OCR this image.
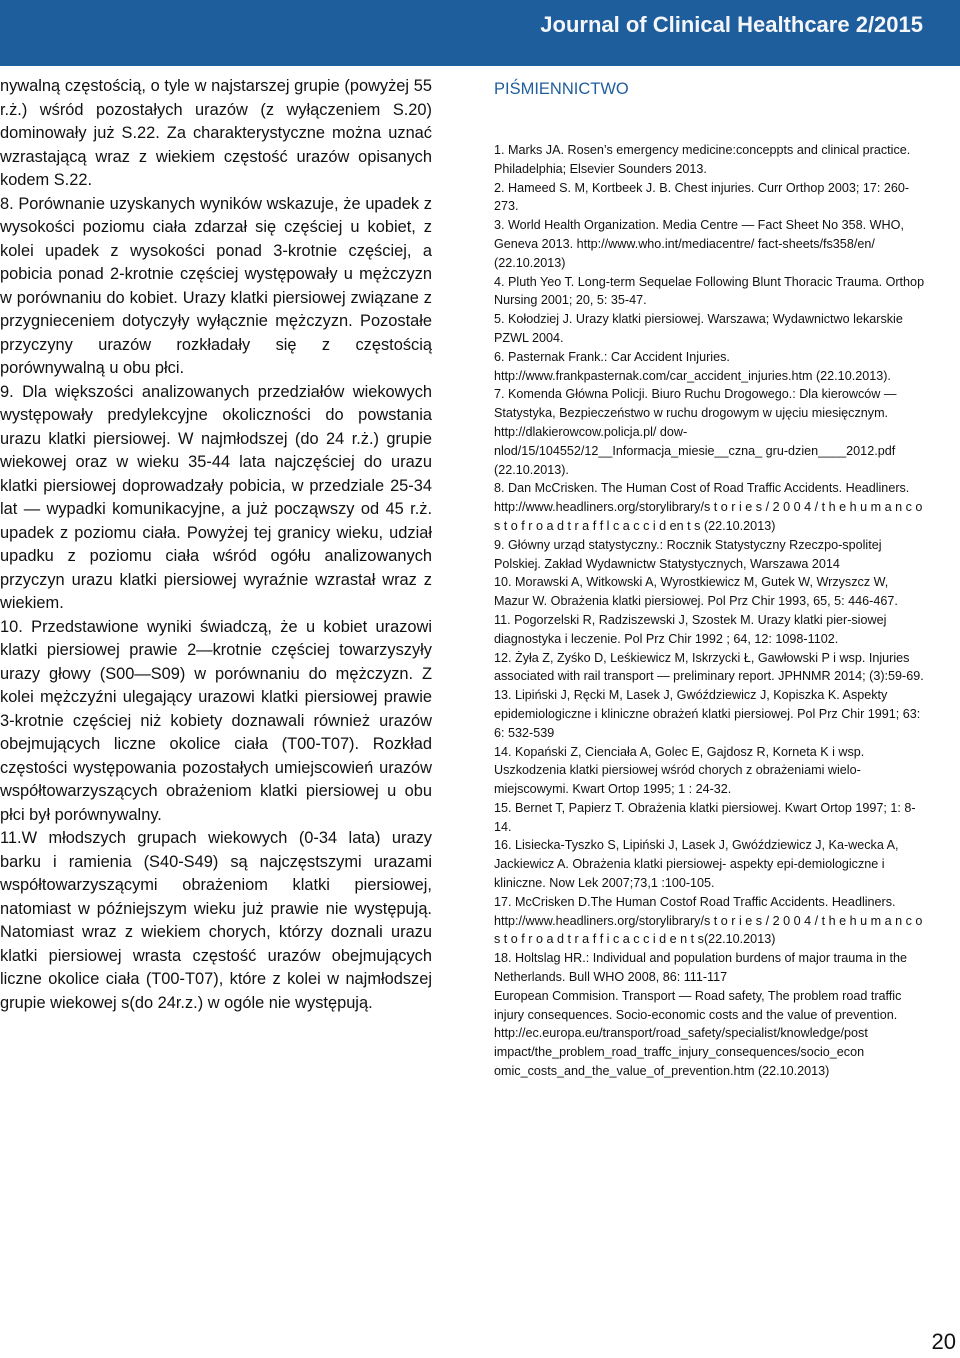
Journal of Clinical Healthcare 2/2015

nywalną częstością, o tyle w najstarszej grupie (powyżej 55 r.ż.) wśród pozostałych urazów (z wyłączeniem S.20) dominowały już S.22. Za charakterystyczne można uznać wzrastającą wraz z wiekiem częstość urazów opisanych kodem S.22.

8. Porównanie uzyskanych wyników wskazuje, że upadek z wysokości poziomu ciała zdarzał się częściej u kobiet, z kolei upadek z wysokości ponad 3-krotnie częściej, a pobicia ponad 2-krotnie częściej występowały u mężczyzn w porównaniu do kobiet. Urazy klatki piersiowej związane z przygnieceniem dotyczyły wyłącznie mężczyzn. Pozostałe przyczyny urazów rozkładały się z częstością porównywalną u obu płci.

9. Dla większości analizowanych przedziałów wiekowych występowały predylekcyjne okoliczności do powstania urazu klatki piersiowej. W najmłodszej (do 24 r.ż.) grupie wiekowej oraz w wieku 35-44 lata najczęściej do urazu klatki piersiowej doprowadzały pobicia, w przedziale 25-34 lat — wypadki komunikacyjne, a już począwszy od 45 r.ż. upadek z poziomu ciała. Powyżej tej granicy wieku, udział upadku z poziomu ciała wśród ogółu analizowanych przyczyn urazu klatki piersiowej wyraźnie wzrastał wraz z wiekiem.

10. Przedstawione wyniki świadczą, że u kobiet urazowi klatki piersiowej prawie 2—krotnie częściej towarzyszyły urazy głowy (S00—S09) w porównaniu do mężczyzn. Z kolei mężczyźni ulegający urazowi klatki piersiowej prawie 3-krotnie częściej niż kobiety doznawali również urazów obejmujących liczne okolice ciała (T00-T07). Rozkład częstości występowania pozostałych umiejscowień urazów współtowarzyszących obrażeniom klatki piersiowej u obu płci był porównywalny.

11.W młodszych grupach wiekowych (0-34 lata) urazy barku i ramienia (S40-S49) są najczęstszymi urazami współtowarzyszącymi obrażeniom klatki piersiowej, natomiast w późniejszym wieku już prawie nie występują. Natomiast wraz z wiekiem chorych, którzy doznali urazu klatki piersiowej wrasta częstość urazów obejmujących liczne okolice ciała (T00-T07), które z kolei w najmłodszej grupie wiekowej s(do 24r.z.) w ogóle nie występują.

PIŚMIENNICTWO
1. Marks JA. Rosen’s emergency medicine:conceppts and clinical practice. Philadelphia; Elsevier Sounders 2013.
2. Hameed S. M, Kortbeek J. B. Chest injuries. Curr Orthop 2003; 17: 260-273.
3. World Health Organization. Media Centre — Fact Sheet No 358. WHO, Geneva 2013. http://www.who.int/mediacentre/ fact-sheets/fs358/en/ (22.10.2013)
4. Pluth Yeo T. Long-term Sequelae Following Blunt Thoracic Trauma. Orthop Nursing 2001; 20, 5: 35-47.
5. Kołodziej J. Urazy klatki piersiowej. Warszawa; Wydawnictwo lekarskie PZWL 2004.
6. Pasternak Frank.: Car Accident Injuries. http://www.frankpasternak.com/car_accident_injuries.htm (22.10.2013).
7. Komenda Główna Policji. Biuro Ruchu Drogowego.: Dla kierowców — Statystyka, Bezpieczeństwo w ruchu drogowym w ujęciu miesięcznym. http://dlakierowcow.policja.pl/ dow-nlod/15/104552/12__Informacja_miesie__czna_ gru-dzien____2012.pdf (22.10.2013).
8. Dan McCrisken. The Human Cost of Road Traffic Accidents. Headliners. http://www.headliners.org/storylibrary/s t o r i e s / 2 0 0 4 / t h e h u m a n c o s t o f r o a d t r a f f l c a c c i d en t s (22.10.2013)
9. Główny urząd statystyczny.: Rocznik Statystyczny Rzeczpo-spolitej Polskiej. Zakład Wydawnictw Statystycznych, Warszawa 2014
10. Morawski A, Witkowski A, Wyrostkiewicz M, Gutek W, Wrzyszcz W, Mazur W. Obrażenia klatki piersiowej. Pol Prz Chir 1993, 65, 5: 446-467.
11. Pogorzelski R, Radziszewski J, Szostek M. Urazy klatki pier-siowej diagnostyka i leczenie. Pol Prz Chir 1992 ; 64, 12: 1098-1102.
12. Żyła Z, Zyśko D, Leśkiewicz M, Iskrzycki Ł, Gawłowski P i wsp. Injuries associated with rail transport — preliminary report. JPHNMR 2014; (3):59-69.
13. Lipiński J, Ręcki M, Lasek J, Gwóździewicz J, Kopiszka K. Aspekty epidemiologiczne i kliniczne obrażeń klatki piersiowej. Pol Prz Chir 1991; 63: 6: 532-539
14. Kopański Z, Cienciała A, Golec E, Gajdosz R, Korneta K i wsp. Uszkodzenia klatki piersiowej wśród chorych z obrażeniami wielo-miejscowymi. Kwart Ortop 1995; 1 : 24-32.
15. Bernet T, Papierz T. Obrażenia klatki piersiowej. Kwart Ortop 1997; 1: 8-14.
16. Lisiecka-Tyszko S, Lipiński J, Lasek J, Gwóździewicz J, Ka-wecka A, Jackiewicz A. Obrażenia klatki piersiowej- aspekty epi-demiologiczne i kliniczne. Now Lek 2007;73,1 :100-105.
17. McCrisken D.The Human Costof Road Traffic Accidents. Headliners. http://www.headliners.org/storylibrary/s t o r i e s / 2 0 0 4 / t h e h u m a n c o s t o f r o a d t r a f f i c a c c i d e n t s(22.10.2013)
18. Holtslag HR.: Individual and population burdens of major trauma in the Netherlands. Bull WHO 2008, 86: 111-117
European Commision. Transport — Road safety, The problem road traffic injury consequences. Socio-economic costs and the value of prevention.
http://ec.europa.eu/transport/road_safety/specialist/knowledge/post impact/the_problem_road_traffc_injury_consequences/socio_econ omic_costs_and_the_value_of_prevention.htm (22.10.2013)
20
